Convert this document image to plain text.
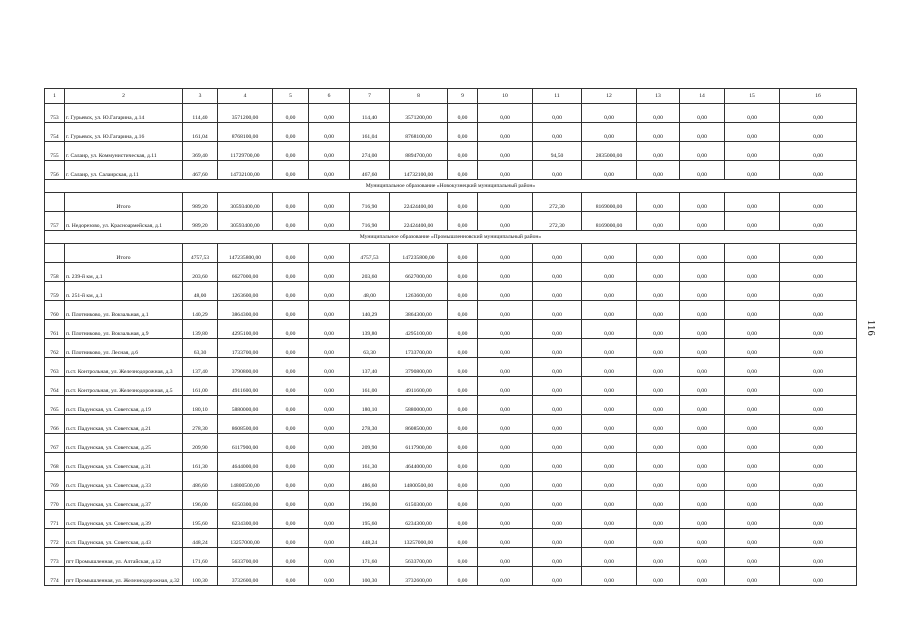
1	2	3	4	5	6	7	8	9	10	11	12	13	14	15	16
753	г. Гурьевск, ул. Ю.Гагарина, д.14	114,40	3571200,00	0,00	0,00	114,40	3571200,00	0,00	0,00	0,00	0,00	0,00	0,00	0,00	0,00
754	г. Гурьевск, ул. Ю.Гагарина, д.16	161,04	8768100,00	0,00	0,00	161,04	8768100,00	0,00	0,00	0,00	0,00	0,00	0,00	0,00	0,00
755	г. Салаир, ул. Коммунистическая, д.11	369,40	11729700,00	0,00	0,00	274,00	8894700,00	0,00	0,00	94,50	2835000,00	0,00	0,00	0,00	0,00
756	г. Салаир, ул. Салаирская, д.11	467,60	14732100,00	0,00	0,00	467,60	14732100,00	0,00	0,00	0,00	0,00	0,00	0,00	0,00	0,00
Муниципальное образование «Новокузнецкий муниципальный район»															
	Итого	989,20	30593400,00	0,00	0,00	716,90	22424400,00	0,00	0,00	272,30	8169000,00	0,00	0,00	0,00	0,00
757	п. Недорезово, ул. Красноармейская, д.1	989,20	30593400,00	0,00	0,00	716,90	22424400,00	0,00	0,00	272,30	8169000,00	0,00	0,00	0,00	0,00
Муниципальное образование «Промышленновский муниципальный район»															
	Итого	4757,53	147235800,00	0,00	0,00	4757,53	147235800,00	0,00	0,00	0,00	0,00	0,00	0,00	0,00	0,00
758	п. 239-й км, д.1	203,60	6627000,00	0,00	0,00	203,60	6627000,00	0,00	0,00	0,00	0,00	0,00	0,00	0,00	0,00
759	п. 251-й км, д.1	48,00	1263600,00	0,00	0,00	48,00	1263600,00	0,00	0,00	0,00	0,00	0,00	0,00	0,00	0,00
760	п. Плотниково, ул. Вокзальная, д.1	140,29	3864300,00	0,00	0,00	140,29	3864300,00	0,00	0,00	0,00	0,00	0,00	0,00	0,00	0,00
761	п. Плотниково, ул. Вокзальная, д.9	139,80	4295100,00	0,00	0,00	139,80	4295100,00	0,00	0,00	0,00	0,00	0,00	0,00	0,00	0,00
762	п. Плотниково, ул. Лесная, д.6	63,30	1733700,00	0,00	0,00	63,30	1733700,00	0,00	0,00	0,00	0,00	0,00	0,00	0,00	0,00
763	п.ст. Контрольная, ул. Железнодорожная, д.3	137,40	3790800,00	0,00	0,00	137,40	3790800,00	0,00	0,00	0,00	0,00	0,00	0,00	0,00	0,00
764	п.ст. Контрольная, ул. Железнодорожная, д.5	161,00	4911600,00	0,00	0,00	161,00	4911600,00	0,00	0,00	0,00	0,00	0,00	0,00	0,00	0,00
765	п.ст. Падунская, ул. Советская, д.19	180,10	5880000,00	0,00	0,00	180,10	5880000,00	0,00	0,00	0,00	0,00	0,00	0,00	0,00	0,00
766	п.ст. Падунская, ул. Советская, д.21	278,30	8608500,00	0,00	0,00	278,30	8608500,00	0,00	0,00	0,00	0,00	0,00	0,00	0,00	0,00
767	п.ст. Падунская, ул. Советская, д.25	209,90	6117900,00	0,00	0,00	209,90	6117900,00	0,00	0,00	0,00	0,00	0,00	0,00	0,00	0,00
768	п.ст. Падунская, ул. Советская, д.31	161,30	4644000,00	0,00	0,00	161,30	4644000,00	0,00	0,00	0,00	0,00	0,00	0,00	0,00	0,00
769	п.ст. Падунская, ул. Советская, д.33	486,60	14800500,00	0,00	0,00	486,60	14800500,00	0,00	0,00	0,00	0,00	0,00	0,00	0,00	0,00
770	п.ст. Падунская, ул. Советская, д.37	196,00	6150300,00	0,00	0,00	196,00	6150300,00	0,00	0,00	0,00	0,00	0,00	0,00	0,00	0,00
771	п.ст. Падунская, ул. Советская, д.39	195,60	6234300,00	0,00	0,00	195,60	6234300,00	0,00	0,00	0,00	0,00	0,00	0,00	0,00	0,00
772	п.ст. Падунская, ул. Советская, д.43	448,24	13257000,00	0,00	0,00	448,24	13257000,00	0,00	0,00	0,00	0,00	0,00	0,00	0,00	0,00
773	пгт Промышленная, ул. Алтайская, д.12	171,60	5633700,00	0,00	0,00	171,60	5633700,00	0,00	0,00	0,00	0,00	0,00	0,00	0,00	0,00
774	пгт Промышленная, ул. Железнодорожная, д.32	100,30	3732600,00	0,00	0,00	100,30	3732600,00	0,00	0,00	0,00	0,00	0,00	0,00	0,00	0,00
116
